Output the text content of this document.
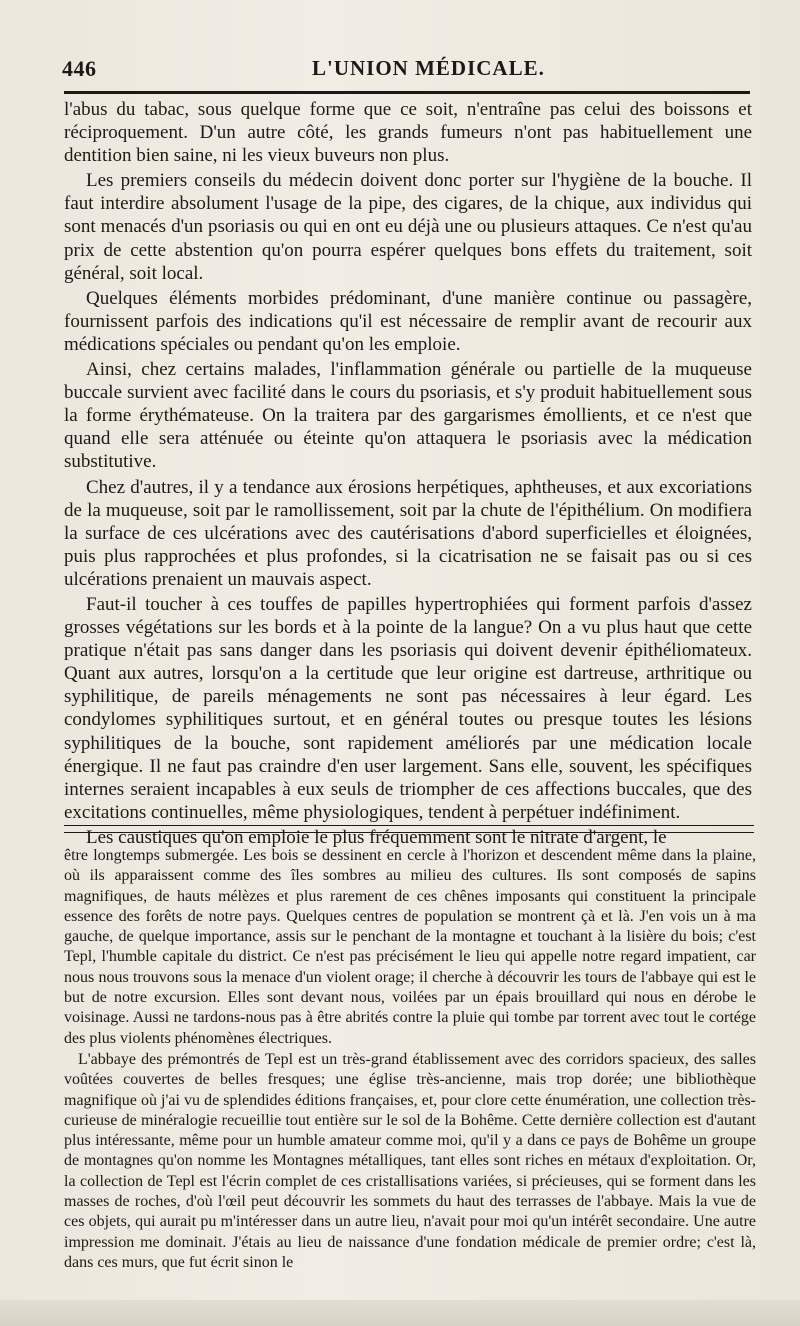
446	L'UNION MÉDICALE.

l'abus du tabac, sous quelque forme que ce soit, n'entraîne pas celui des boissons et réciproquement. D'un autre côté, les grands fumeurs n'ont pas habituellement une dentition bien saine, ni les vieux buveurs non plus.

Les premiers conseils du médecin doivent donc porter sur l'hygiène de la bouche. Il faut interdire absolument l'usage de la pipe, des cigares, de la chique, aux individus qui sont menacés d'un psoriasis ou qui en ont eu déjà une ou plusieurs attaques. Ce n'est qu'au prix de cette abstention qu'on pourra espérer quelques bons effets du traitement, soit général, soit local.

Quelques éléments morbides prédominant, d'une manière continue ou passagère, fournissent parfois des indications qu'il est nécessaire de remplir avant de recourir aux médications spéciales ou pendant qu'on les emploie.

Ainsi, chez certains malades, l'inflammation générale ou partielle de la muqueuse buccale survient avec facilité dans le cours du psoriasis, et s'y produit habituellement sous la forme érythémateuse. On la traitera par des gargarismes émollients, et ce n'est que quand elle sera atténuée ou éteinte qu'on attaquera le psoriasis avec la médication substitutive.

Chez d'autres, il y a tendance aux érosions herpétiques, aphtheuses, et aux excoriations de la muqueuse, soit par le ramollissement, soit par la chute de l'épithélium. On modifiera la surface de ces ulcérations avec des cautérisations d'abord superficielles et éloignées, puis plus rapprochées et plus profondes, si la cicatrisation ne se faisait pas ou si ces ulcérations prenaient un mauvais aspect.

Faut-il toucher à ces touffes de papilles hypertrophiées qui forment parfois d'assez grosses végétations sur les bords et à la pointe de la langue? On a vu plus haut que cette pratique n'était pas sans danger dans les psoriasis qui doivent devenir épithéliomateux. Quant aux autres, lorsqu'on a la certitude que leur origine est dartreuse, arthritique ou syphilitique, de pareils ménagements ne sont pas nécessaires à leur égard. Les condylomes syphilitiques surtout, et en général toutes ou presque toutes les lésions syphilitiques de la bouche, sont rapidement améliorés par une médication locale énergique. Il ne faut pas craindre d'en user largement. Sans elle, souvent, les spécifiques internes seraient incapables à eux seuls de triompher de ces affections buccales, que des excitations continuelles, même physiologiques, tendent à perpétuer indéfiniment.

Les caustiques qu'on emploie le plus fréquemment sont le nitrate d'argent, le

être longtemps submergée. Les bois se dessinent en cercle à l'horizon et descendent même dans la plaine, où ils apparaissent comme des îles sombres au milieu des cultures. Ils sont composés de sapins magnifiques, de hauts mélèzes et plus rarement de ces chênes imposants qui constituent la principale essence des forêts de notre pays. Quelques centres de population se montrent çà et là. J'en vois un à ma gauche, de quelque importance, assis sur le penchant de la montagne et touchant à la lisière du bois; c'est Tepl, l'humble capitale du district. Ce n'est pas précisément le lieu qui appelle notre regard impatient, car nous nous trouvons sous la menace d'un violent orage; il cherche à découvrir les tours de l'abbaye qui est le but de notre excursion. Elles sont devant nous, voilées par un épais brouillard qui nous en dérobe le voisinage. Aussi ne tardons-nous pas à être abrités contre la pluie qui tombe par torrent avec tout le cortége des plus violents phénomènes électriques.

L'abbaye des prémontrés de Tepl est un très-grand établissement avec des corridors spacieux, des salles voûtées couvertes de belles fresques; une église très-ancienne, mais trop dorée; une bibliothèque magnifique où j'ai vu de splendides éditions françaises, et, pour clore cette énumération, une collection très-curieuse de minéralogie recueillie tout entière sur le sol de la Bohême. Cette dernière collection est d'autant plus intéressante, même pour un humble amateur comme moi, qu'il y a dans ce pays de Bohême un groupe de montagnes qu'on nomme les Montagnes métalliques, tant elles sont riches en métaux d'exploitation. Or, la collection de Tepl est l'écrin complet de ces cristallisations variées, si précieuses, qui se forment dans les masses de roches, d'où l'œil peut découvrir les sommets du haut des terrasses de l'abbaye. Mais la vue de ces objets, qui aurait pu m'intéresser dans un autre lieu, n'avait pour moi qu'un intérêt secondaire. Une autre impression me dominait. J'étais au lieu de naissance d'une fondation médicale de premier ordre; c'est là, dans ces murs, que fut écrit sinon le
